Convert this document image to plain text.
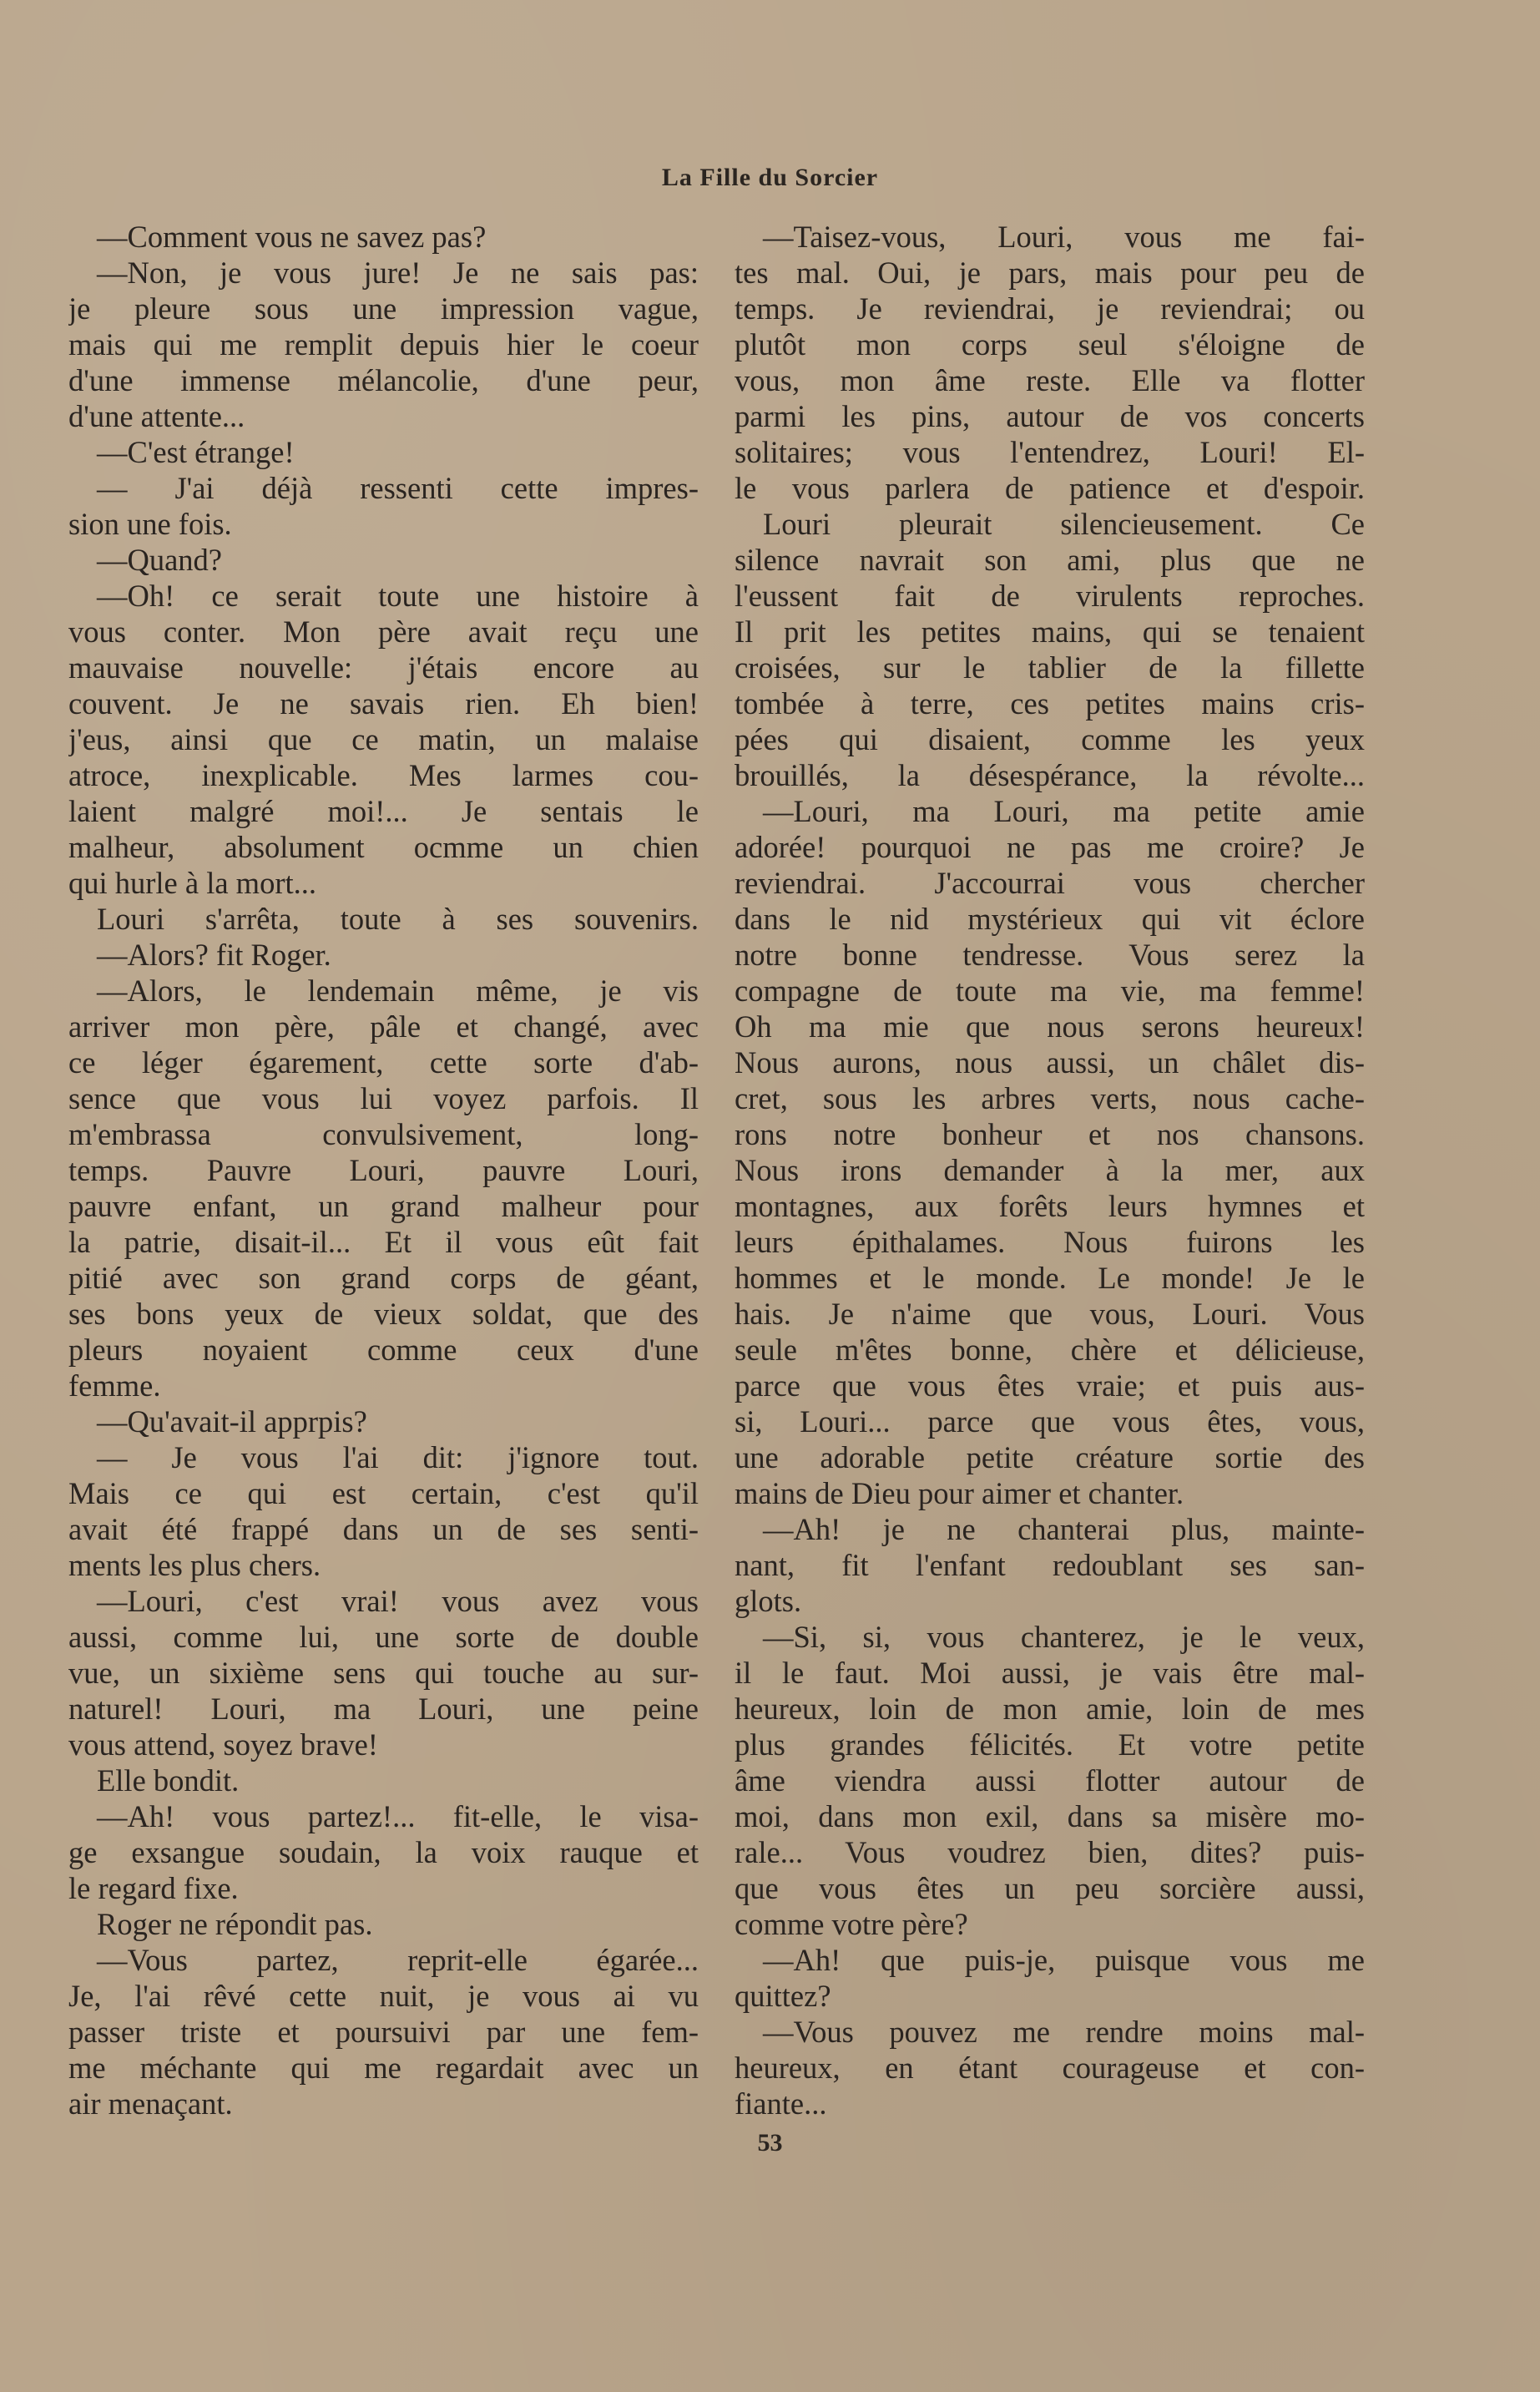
La Fille du Sorcier
—Comment vous ne savez pas?
—Non, je vous jure! Je ne sais pas:
je pleure sous une impression vague,
mais qui me remplit depuis hier le coeur
d'une immense mélancolie, d'une peur,
d'une attente...
—C'est étrange!
— J'ai déjà ressenti cette impres-
sion une fois.
—Quand?
—Oh! ce serait toute une histoire à
vous conter. Mon père avait reçu une
mauvaise nouvelle: j'étais encore au
couvent. Je ne savais rien. Eh bien!
j'eus, ainsi que ce matin, un malaise
atroce, inexplicable. Mes larmes cou-
laient malgré moi!... Je sentais le
malheur, absolument ocmme un chien
qui hurle à la mort...
Louri s'arrêta, toute à ses souvenirs.
—Alors? fit Roger.
—Alors, le lendemain même, je vis
arriver mon père, pâle et changé, avec
ce léger égarement, cette sorte d'ab-
sence que vous lui voyez parfois. Il
m'embrassa convulsivement, long-
temps. Pauvre Louri, pauvre Louri,
pauvre enfant, un grand malheur pour
la patrie, disait-il... Et il vous eût fait
pitié avec son grand corps de géant,
ses bons yeux de vieux soldat, que des
pleurs noyaient comme ceux d'une
femme.
—Qu'avait-il apprpis?
— Je vous l'ai dit: j'ignore tout.
Mais ce qui est certain, c'est qu'il
avait été frappé dans un de ses senti-
ments les plus chers.
—Louri, c'est vrai! vous avez vous
aussi, comme lui, une sorte de double
vue, un sixième sens qui touche au sur-
naturel! Louri, ma Louri, une peine
vous attend, soyez brave!
Elle bondit.
—Ah! vous partez!... fit-elle, le visa-
ge exsangue soudain, la voix rauque et
le regard fixe.
Roger ne répondit pas.
—Vous partez, reprit-elle égarée...
Je, l'ai rêvé cette nuit, je vous ai vu
passer triste et poursuivi par une fem-
me méchante qui me regardait avec un
air menaçant.
—Taisez-vous, Louri, vous me fai-
tes mal. Oui, je pars, mais pour peu de
temps. Je reviendrai, je reviendrai; ou
plutôt mon corps seul s'éloigne de
vous, mon âme reste. Elle va flotter
parmi les pins, autour de vos concerts
solitaires; vous l'entendrez, Louri! El-
le vous parlera de patience et d'espoir.
Louri pleurait silencieusement. Ce
silence navrait son ami, plus que ne
l'eussent fait de virulents reproches.
Il prit les petites mains, qui se tenaient
croisées, sur le tablier de la fillette
tombée à terre, ces petites mains cris-
pées qui disaient, comme les yeux
brouillés, la désespérance, la révolte...
—Louri, ma Louri, ma petite amie
adorée! pourquoi ne pas me croire? Je
reviendrai. J'accourrai vous chercher
dans le nid mystérieux qui vit éclore
notre bonne tendresse. Vous serez la
compagne de toute ma vie, ma femme!
Oh ma mie que nous serons heureux!
Nous aurons, nous aussi, un châlet dis-
cret, sous les arbres verts, nous cache-
rons notre bonheur et nos chansons.
Nous irons demander à la mer, aux
montagnes, aux forêts leurs hymnes et
leurs épithalames. Nous fuirons les
hommes et le monde. Le monde! Je le
hais. Je n'aime que vous, Louri. Vous
seule m'êtes bonne, chère et délicieuse,
parce que vous êtes vraie; et puis aus-
si, Louri... parce que vous êtes, vous,
une adorable petite créature sortie des
mains de Dieu pour aimer et chanter.
—Ah! je ne chanterai plus, mainte-
nant, fit l'enfant redoublant ses san-
glots.
—Si, si, vous chanterez, je le veux,
il le faut. Moi aussi, je vais être mal-
heureux, loin de mon amie, loin de mes
plus grandes félicités. Et votre petite
âme viendra aussi flotter autour de
moi, dans mon exil, dans sa misère mo-
rale... Vous voudrez bien, dites? puis-
que vous êtes un peu sorcière aussi,
comme votre père?
—Ah! que puis-je, puisque vous me
quittez?
—Vous pouvez me rendre moins mal-
heureux, en étant courageuse et con-
fiante...
53
